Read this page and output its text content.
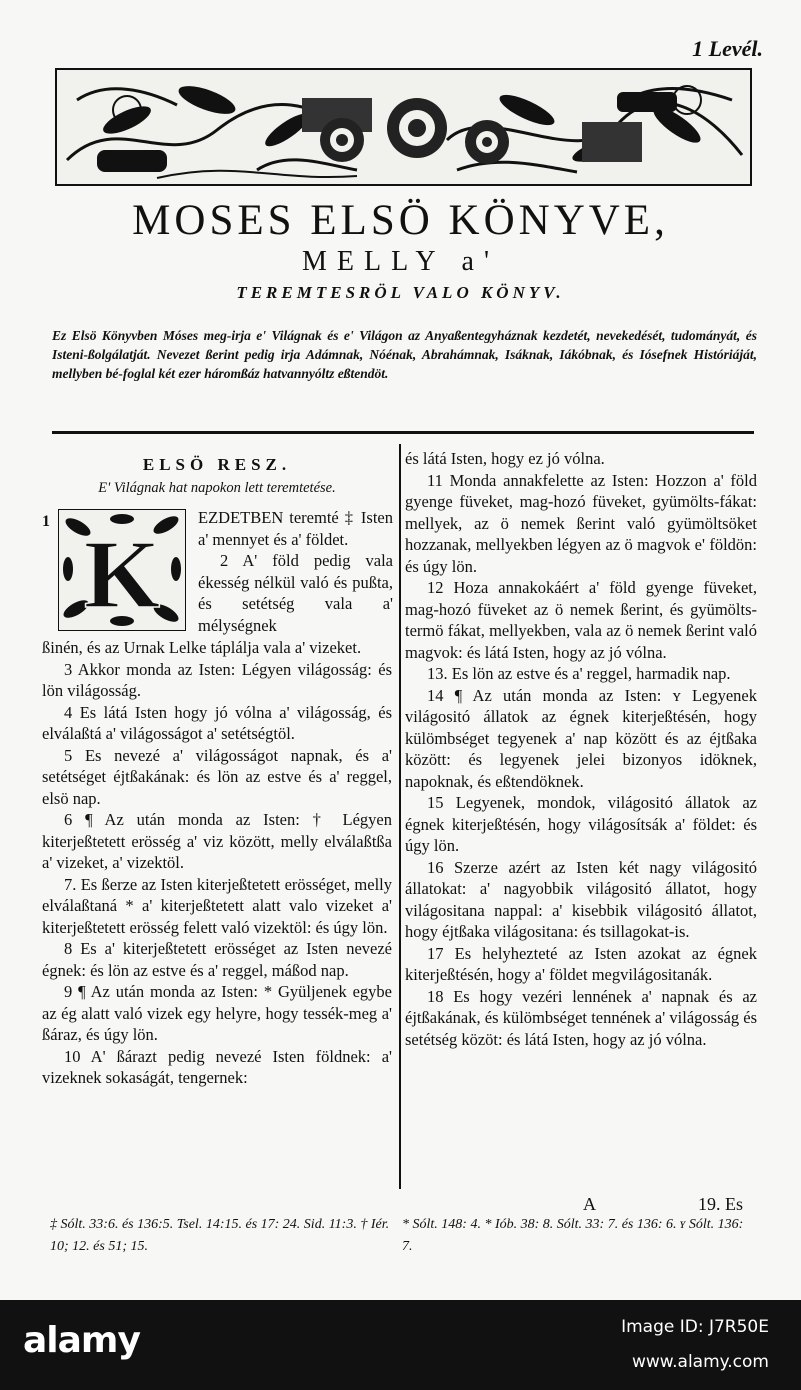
1 Levél.
MOSES ELSÖ KÖNYVE,
MELLY a'
TEREMTESRÖL VALO KÖNYV.
Ez Elsö Könyvben Móses meg-irja e' Világnak és e' Világon az Anyaßentegyháznak kezdetét, nevekedését, tudományát, és Isteni-ßolgálatját. Nevezet ßerint pedig irja Adámnak, Nóénak, Abrahámnak, Isáknak, Iákóbnak, és Iósefnek Históriáját, mellyben bé-foglal két ezer háromßáz hatvannyóltz eßtendöt.

ELSÖ RESZ.

E' Világnak hat napokon lett teremtetése.

1 K

EZDETBEN teremté ‡ Isten a' mennyet és a' földet.

2 A' föld pedig vala ékesség nélkül való és pußta, és setétség vala a' mélységnek

ßinén, és az Urnak Lelke táplálja vala a' vizeket.

3 Akkor monda az Isten: Légyen világosság: és lön világosság.

4 Es látá Isten hogy jó vólna a' világosság, és elválaßtá a' világosságot a' setétségtöl.

5 Es nevezé a' világosságot napnak, és a' setétséget éjtßakának: és lön az estve és a' reggel, elsö nap.

6 ¶ Az után monda az Isten: † Légyen kiterjeßtetett erösség a' viz között, melly elválaßtßa a' vizeket, a' vizektöl.

7. Es ßerze az Isten kiterjeßtetett erösséget, melly elválaßtaná * a' kiterjeßtetett alatt valo vizeket a' kiterjeßtetett erösség felett való vizektöl: és úgy lön.

8 Es a' kiterjeßtetett erösséget az Isten nevezé égnek: és lön az estve és a' reggel, máßod nap.

9 ¶ Az után monda az Isten: * Gyüljenek egybe az ég alatt való vizek egy helyre, hogy tessék-meg a' ßáraz, és úgy lön.

10 A' ßárazt pedig nevezé Isten földnek: a' vizeknek sokaságát, tengernek:

és látá Isten, hogy ez jó vólna.

11 Monda annakfelette az Isten: Hozzon a' föld gyenge füveket, mag-hozó füveket, gyümölts-fákat: mellyek, az ö nemek ßerint való gyümöltsöket hozzanak, mellyekben légyen az ö magvok e' földön: és úgy lön.

12 Hoza annakokáért a' föld gyenge füveket, mag-hozó füveket az ö nemek ßerint, és gyümölts-termö fákat, mellyekben, vala az ö nemek ßerint való magvok: és látá Isten, hogy az jó vólna.

13. Es lön az estve és a' reggel, harmadik nap.

14 ¶ Az után monda az Isten: ʏ Legyenek világositó állatok az égnek kiterjeßtésén, hogy külömbséget tegyenek a' nap között és az éjtßaka között: és legyenek jelei bizonyos idöknek, napoknak, és eßtendöknek.

15 Legyenek, mondok, világositó állatok az égnek kiterjeßtésén, hogy világosítsák a' földet: és úgy lön.

16 Szerze azért az Isten két nagy világositó állatokat: a' nagyobbik világositó állatot, hogy világositana nappal: a' kisebbik világositó állatot, hogy éjtßaka világositana: és tsillagokat-is.

17 Es helyhezteté az Isten azokat az égnek kiterjeßtésén, hogy a' földet megvilágositanák.

18 Es hogy vezéri lennének a' napnak és az éjtßakának, és külömbséget tennének a' világosság és setétség közöt: és látá Isten, hogy az jó vólna.

A	19. Es
‡ Sólt. 33:6. és 136:5. Tsel. 14:15. és 17: 24. Sid. 11:3. † Iér. 10; 12. és 51; 15.
* Sólt. 148: 4. * Iób. 38: 8. Sólt. 33: 7. és 136: 6. ʏ Sólt. 136: 7.
alamy	Image ID: J7R50E
www.alamy.com
